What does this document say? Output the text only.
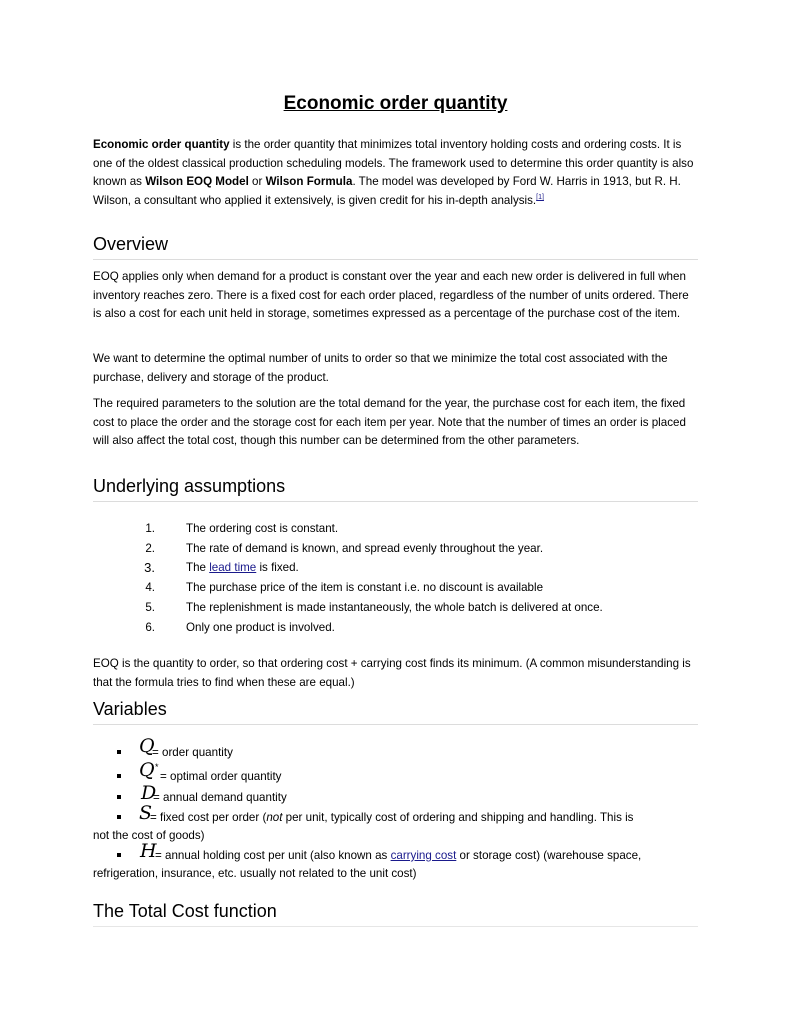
Economic order quantity

Economic order quantity is the order quantity that minimizes total inventory holding costs and ordering costs. It is one of the oldest classical production scheduling models. The framework used to determine this order quantity is also known as Wilson EOQ Model or Wilson Formula. The model was developed by Ford W. Harris in 1913, but R. H. Wilson, a consultant who applied it extensively, is given credit for his in-depth analysis.[1]

Overview

EOQ applies only when demand for a product is constant over the year and each new order is delivered in full when inventory reaches zero. There is a fixed cost for each order placed, regardless of the number of units ordered. There is also a cost for each unit held in storage, sometimes expressed as a percentage of the purchase cost of the item.

We want to determine the optimal number of units to order so that we minimize the total cost associated with the purchase, delivery and storage of the product.

The required parameters to the solution are the total demand for the year, the purchase cost for each item, the fixed cost to place the order and the storage cost for each item per year. Note that the number of times an order is placed will also affect the total cost, though this number can be determined from the other parameters.

Underlying assumptions
1.	The ordering cost is constant.
2.	The rate of demand is known, and spread evenly throughout the year.
3.	The lead time is fixed.
4.	The purchase price of the item is constant i.e. no discount is available
5.	The replenishment is made instantaneously, the whole batch is delivered at once.
6.	Only one product is involved.

EOQ is the quantity to order, so that ordering cost + carrying cost finds its minimum. (A common misunderstanding is that the formula tries to find when these are equal.)

Variables
Q
= order quantity
Q *
= optimal order quantity
D
= annual demand quantity
S
= fixed cost per order (not per unit, typically cost of ordering and shipping and handling. This is
not the cost of goods)
H
= annual holding cost per unit (also known as carrying cost or storage cost) (warehouse space,
refrigeration, insurance, etc. usually not related to the unit cost)
The Total Cost function
